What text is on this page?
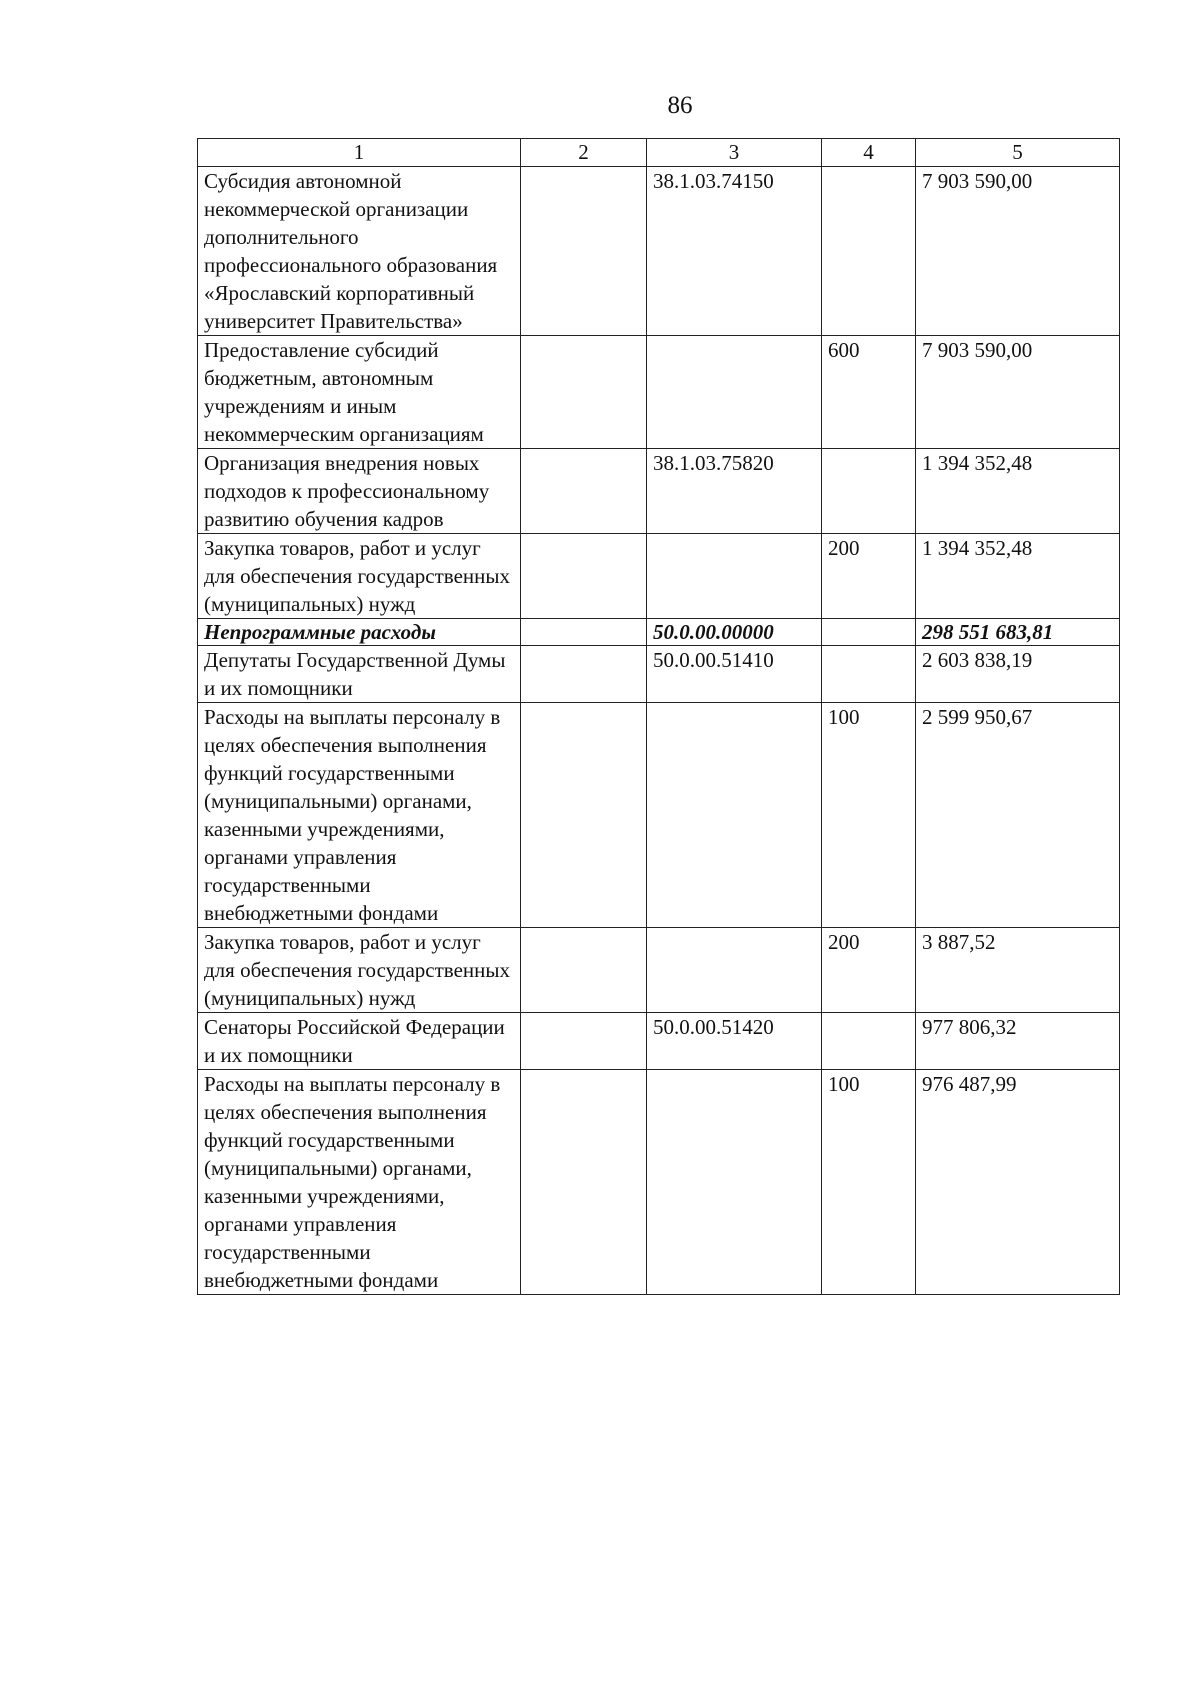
86
1	2	3	4	5
Субсидия автономной некоммерческой организации дополнительного профессионального образования «Ярославский корпоративный университет Правительства»		38.1.03.74150		7 903 590,00
Предоставление субсидий бюджетным, автономным учреждениям и иным некоммерческим организациям			600	7 903 590,00
Организация внедрения новых подходов к профессиональному развитию обучения кадров		38.1.03.75820		1 394 352,48
Закупка товаров, работ и услуг для обеспечения государственных (муниципальных) нужд			200	1 394 352,48
Непрограммные расходы		50.0.00.00000		298 551 683,81
Депутаты Государственной Думы и их помощники		50.0.00.51410		2 603 838,19
Расходы на выплаты персоналу в целях обеспечения выполнения функций государственными (муниципальными) органами, казенными учреждениями, органами управления государственными внебюджетными фондами			100	2 599 950,67
Закупка товаров, работ и услуг для обеспечения государственных (муниципальных) нужд			200	3 887,52
Сенаторы Российской Федерации и их помощники		50.0.00.51420		977 806,32
Расходы на выплаты персоналу в целях обеспечения выполнения функций государственными (муниципальными) органами, казенными учреждениями, органами управления государственными внебюджетными фондами			100	976 487,99
